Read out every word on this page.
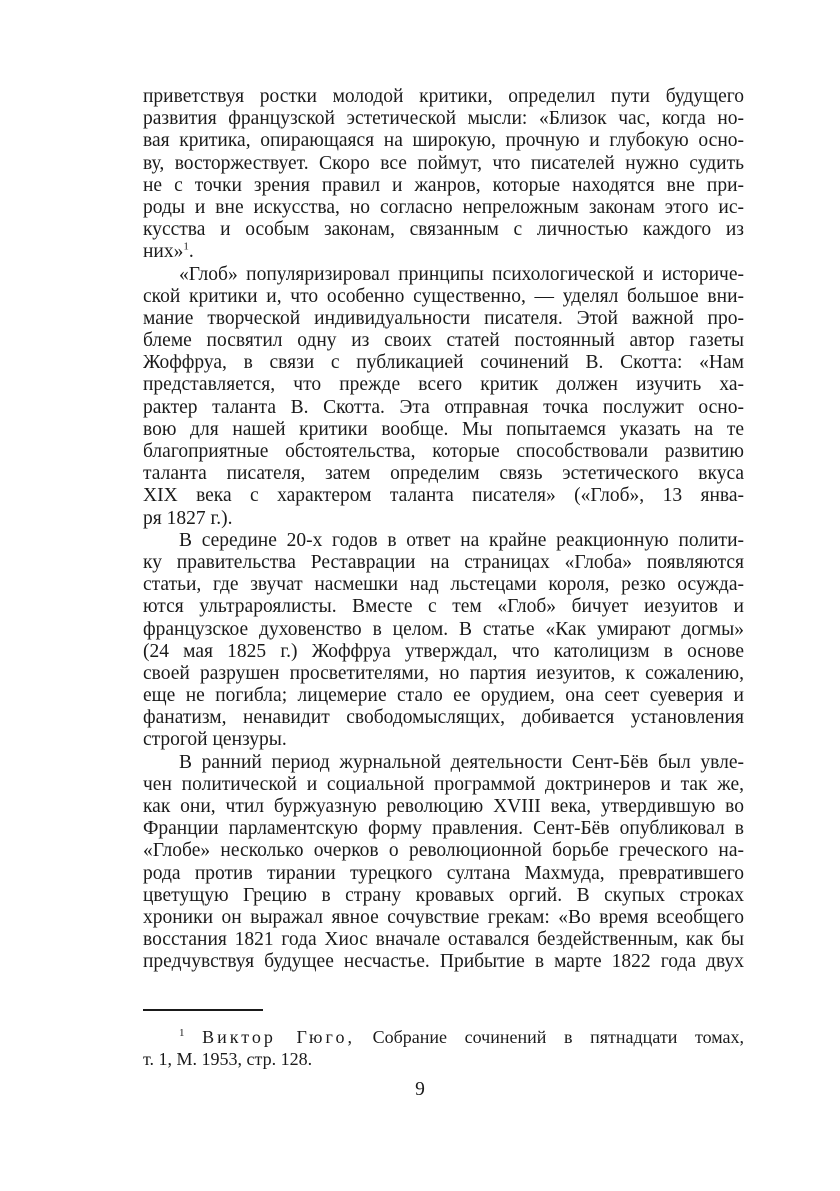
приветствуя ростки молодой критики, определил пути будущего
развития французской эстетической мысли: «Близок час, когда но-
вая критика, опирающаяся на широкую, прочную и глубокую осно-
ву, восторжествует. Скоро все поймут, что писателей нужно судить
не с точки зрения правил и жанров, которые находятся вне при-
роды и вне искусства, но согласно непреложным законам этого ис-
кусства и особым законам, связанным с личностью каждого из
них»$^1$.
«Глоб» популяризировал принципы психологической и историче-
ской критики и, что особенно существенно, — уделял большое вни-
мание творческой индивидуальности писателя. Этой важной про-
блеме посвятил одну из своих статей постоянный автор газеты
Жоффруа, в связи с публикацией сочинений В. Скотта: «Нам
представляется, что прежде всего критик должен изучить ха-
рактер таланта В. Скотта. Эта отправная точка послужит осно-
вою для нашей критики вообще. Мы попытаемся указать на те
благоприятные обстоятельства, которые способствовали развитию
таланта писателя, затем определим связь эстетического вкуса
XIX века с характером таланта писателя» («Глоб», 13 янва-
ря 1827 г.).
В середине 20-х годов в ответ на крайне реакционную полити-
ку правительства Реставрации на страницах «Глоба» появляются
статьи, где звучат насмешки над льстецами короля, резко осужда-
ются ультрароялисты. Вместе с тем «Глоб» бичует иезуитов и
французское духовенство в целом. В статье «Как умирают догмы»
(24 мая 1825 г.) Жоффруа утверждал, что католицизм в основе
своей разрушен просветителями, но партия иезуитов, к сожалению,
еще не погибла; лицемерие стало ее орудием, она сеет суеверия и
фанатизм, ненавидит свободомыслящих, добивается установления
строгой цензуры.
В ранний период журнальной деятельности Сент-Бёв был увле-
чен политической и социальной программой доктринеров и так же,
как они, чтил буржуазную революцию XVIII века, утвердившую во
Франции парламентскую форму правления. Сент-Бёв опубликовал в
«Глобе» несколько очерков о революционной борьбе греческого на-
рода против тирании турецкого султана Махмуда, превратившего
цветущую Грецию в страну кровавых оргий. В скупых строках
хроники он выражал явное сочувствие грекам: «Во время всеобщего
восстания 1821 года Хиос вначале оставался бездейственным, как бы
предчувствуя будущее несчастье. Прибытие в марте 1822 года двух
$^1$ Виктор Гюго, Собрание сочинений в пятнадцати томах,
т. 1, М. 1953, стр. 128.
9
